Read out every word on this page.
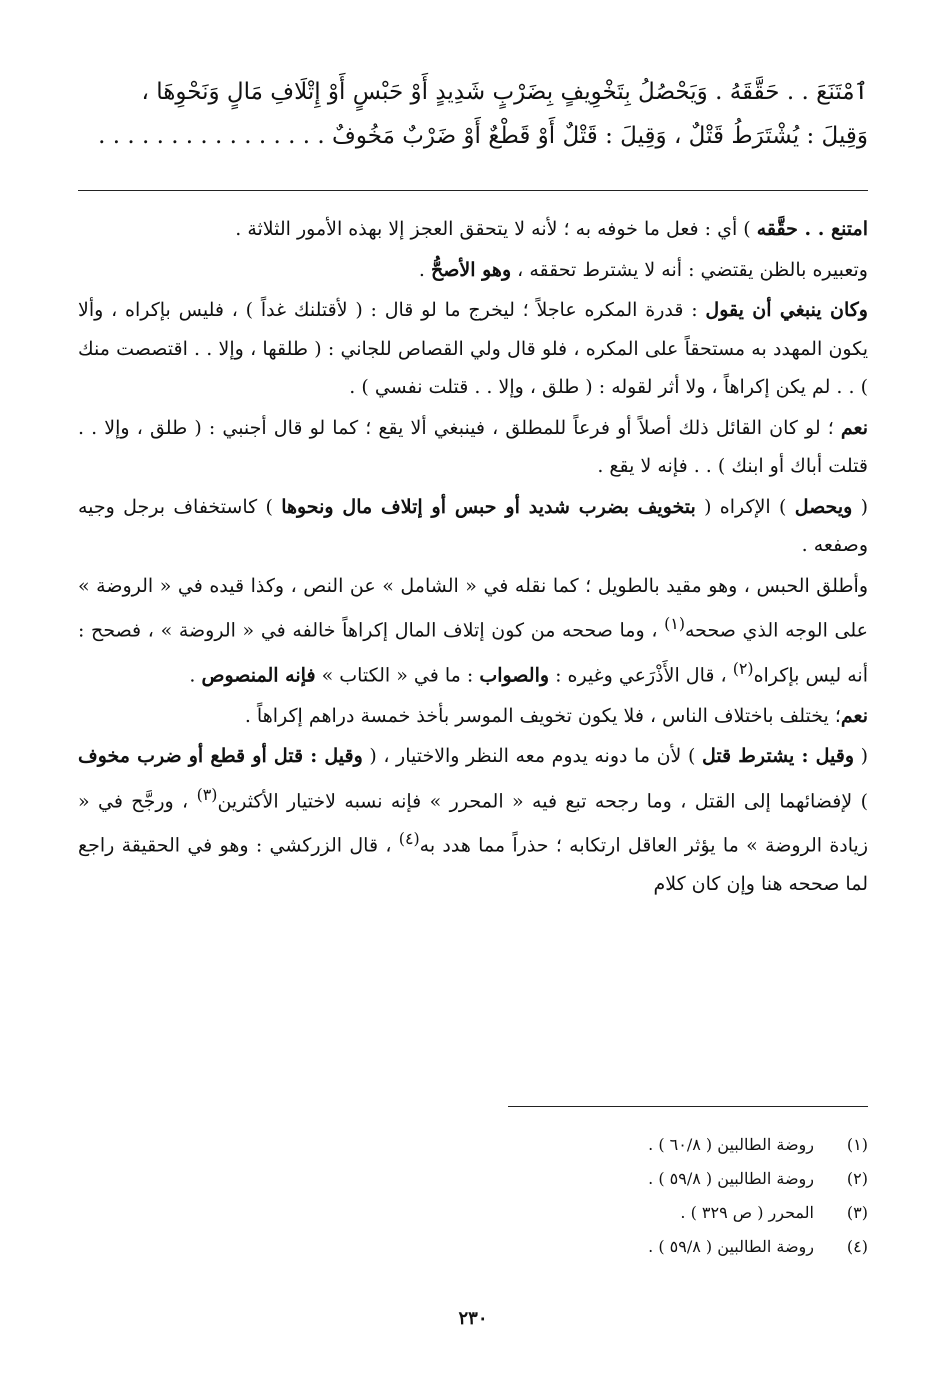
ٱمْتَنَعَ . . حَقَّقَهُ . وَيَحْصُلُ بِتَخْوِيفٍ بِضَرْبٍ شَدِيدٍ أَوْ حَبْسٍ أَوْ إِتْلَافِ مَالٍ وَنَحْوِهَا ،

وَقِيلَ : يُشْتَرَطُ قَتْلٌ ، وَقِيلَ : قَتْلٌ أَوْ قَطْعٌ أَوْ ضَرْبٌ مَخُوفٌ . . . . . . . . . . . . . . . .

امتنع . . حقَّقه ) أي : فعل ما خوفه به ؛ لأنه لا يتحقق العجز إلا بهذه الأمور الثلاثة .

وتعبيره بالظن يقتضي : أنه لا يشترط تحققه ، وهو الأصحُّ .

وكان ينبغي أن يقول : قدرة المكره عاجلاً ؛ ليخرج ما لو قال : ( لأقتلنك غداً ) ، فليس بإكراه ، وألا يكون المهدد به مستحقاً على المكره ، فلو قال ولي القصاص للجاني : ( طلقها ، وإلا . . اقتصصت منك ) . . لم يكن إكراهاً ، ولا أثر لقوله : ( طلق ، وإلا . . قتلت نفسي ) .

نعم ؛ لو كان القائل ذلك أصلاً أو فرعاً للمطلق ، فينبغي ألا يقع ؛ كما لو قال أجنبي : ( طلق ، وإلا . . قتلت أباك أو ابنك ) . . فإنه لا يقع .

( ويحصل ) الإكراه ( بتخويف بضرب شديد أو حبس أو إتلاف مال ونحوها ) كاستخفاف برجل وجيه وصفعه .

وأطلق الحبس ، وهو مقيد بالطويل ؛ كما نقله في « الشامل » عن النص ، وكذا قيده في « الروضة » على الوجه الذي صححه$^{(١)}$ ، وما صححه من كون إتلاف المال إكراهاً خالفه في « الروضة » ، فصحح : أنه ليس بإكراه$^{(٢)}$ ، قال الأَذْرَعي وغيره : والصواب : ما في « الكتاب » فإنه المنصوص .

نعم؛ يختلف باختلاف الناس ، فلا يكون تخويف الموسر بأخذ خمسة دراهم إكراهاً .

( وقيل : يشترط قتل ) لأن ما دونه يدوم معه النظر والاختيار ، ( وقيل : قتل أو قطع أو ضرب مخوف ) لإفضائهما إلى القتل ، وما رجحه تبع فيه « المحرر » فإنه نسبه لاختيار الأكثرين$^{(٣)}$ ، ورجَّح في « زيادة الروضة » ما يؤثر العاقل ارتكابه ؛ حذراً مما هدد به$^{(٤)}$ ، قال الزركشي : وهو في الحقيقة راجع لما صححه هنا وإن كان كلام

(١)
روضة الطالبين ( ٦٠/٨ ) .
(٢)
روضة الطالبين ( ٥٩/٨ ) .
(٣)
المحرر ( ص ٣٢٩ ) .
(٤)
روضة الطالبين ( ٥٩/٨ ) .
٢٣٠
